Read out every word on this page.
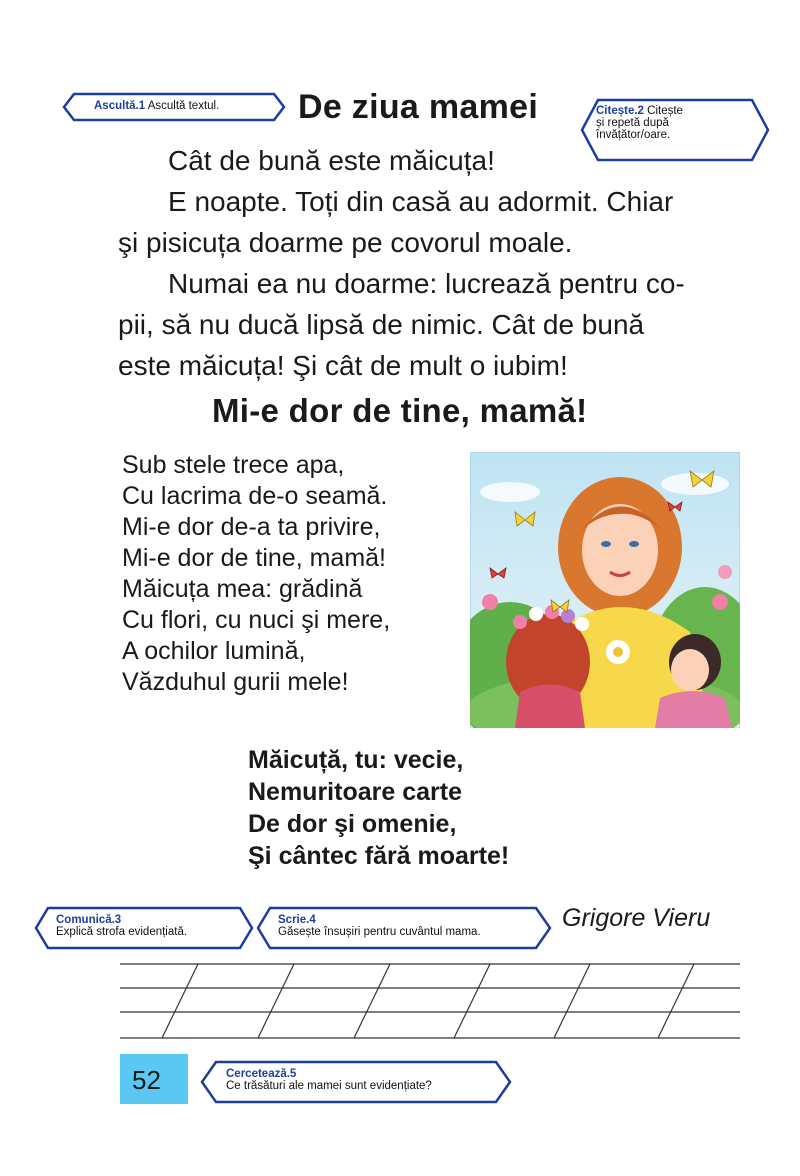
Ascultă.1 Ascultă textul. De ziua mamei	Citește.2 Citește
și repetă după
învățător/oare.
Cât de bună este măicuța!
E noapte. Toți din casă au adormit. Chiar
şi pisicuța doarme pe covorul moale.
Numai ea nu doarme: lucrează pentru co-
pii, să nu ducă lipsă de nimic. Cât de bună
este măicuța! Şi cât de mult o iubim!
Mi-e dor de tine, mamă!
Sub stele trece apa,
Cu lacrima de-o seamă.
Mi-e dor de-a ta privire,
Mi-e dor de tine, mamă!
Măicuța mea: grădină
Cu flori, cu nuci şi mere,
A ochilor lumină,
Văzduhul gurii mele!
Măicuță, tu: vecie,
Nemuritoare carte
De dor şi omenie,
Şi cântec fără moarte!
Comunică.3
Explică strofa evidențiată.
Scrie.4
Găsește însușiri pentru cuvântul mama.
Grigore Vieru
52	Cercetează.5
Ce trăsături ale mamei sunt evidențiate?
